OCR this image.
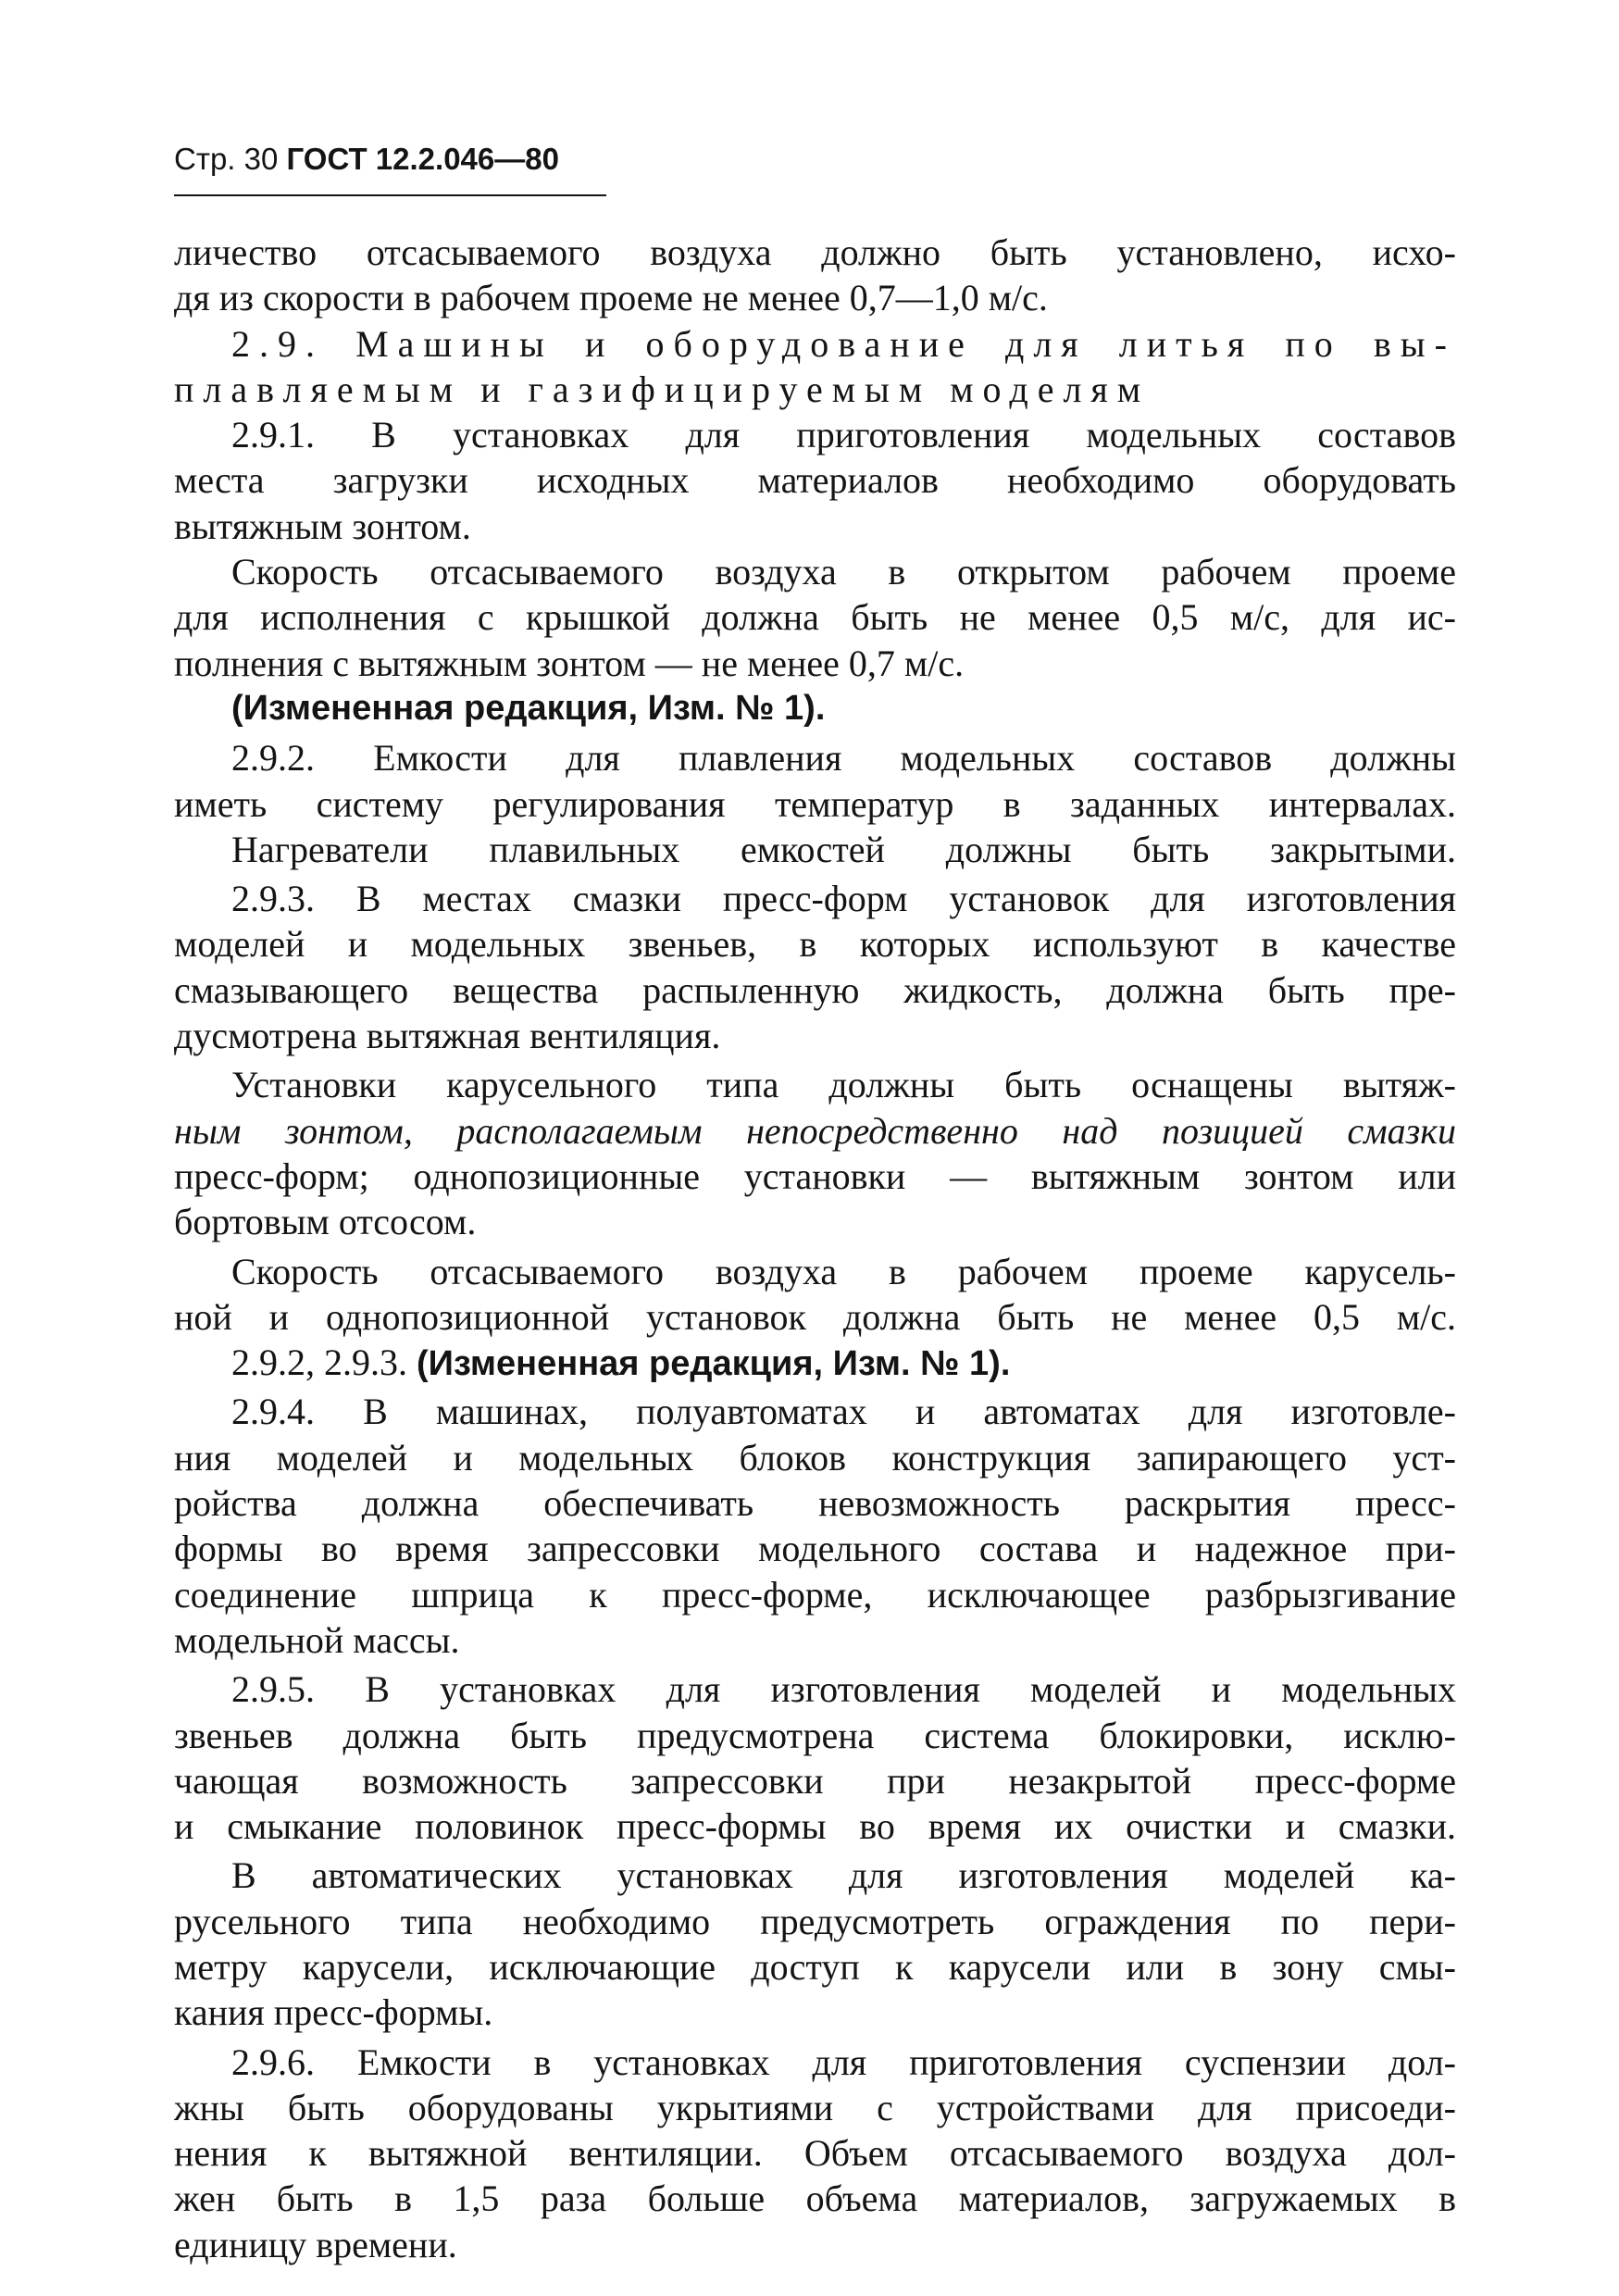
Стр. 30 ГОСТ 12.2.046—80
личество отсасываемого воздуха должно быть установлено, исхо-
дя из скорости в рабочем проеме не менее 0,7—1,0 м/с.
2.9. Машины и оборудование для литья по вы-
плавляемым и газифицируемым моделям
2.9.1. В установках для приготовления модельных составов
места загрузки исходных материалов необходимо оборудовать
вытяжным зонтом.
Скорость отсасываемого воздуха в открытом рабочем проеме
для исполнения с крышкой должна быть не менее 0,5 м/с, для ис-
полнения с вытяжным зонтом — не менее 0,7 м/с.
(Измененная редакция, Изм. № 1).
2.9.2. Емкости для плавления модельных составов должны
иметь систему регулирования температур в заданных интервалах.
Нагреватели плавильных емкостей должны быть закрытыми.
2.9.3. В местах смазки пресс-форм установок для изготовления
моделей и модельных звеньев, в которых используют в качестве
смазывающего вещества распыленную жидкость, должна быть пре-
дусмотрена вытяжная вентиляция.
Установки карусельного типа должны быть оснащены вытяж-
ным зонтом, располагаемым непосредственно над позицией смазки
пресс-форм; однопозиционные установки — вытяжным зонтом или
бортовым отсосом.
Скорость отсасываемого воздуха в рабочем проеме карусель-
ной и однопозиционной установок должна быть не менее 0,5 м/с.
2.9.2, 2.9.3. (Измененная редакция, Изм. № 1).
2.9.4. В машинах, полуавтоматах и автоматах для изготовле-
ния моделей и модельных блоков конструкция запирающего уст-
ройства должна обеспечивать невозможность раскрытия пресс-
формы во время запрессовки модельного состава и надежное при-
соединение шприца к пресс-форме, исключающее разбрызгивание
модельной массы.
2.9.5. В установках для изготовления моделей и модельных
звеньев должна быть предусмотрена система блокировки, исклю-
чающая возможность запрессовки при незакрытой пресс-форме
и смыкание половинок пресс-формы во время их очистки и смазки.
В автоматических установках для изготовления моделей ка-
русельного типа необходимо предусмотреть ограждения по пери-
метру карусели, исключающие доступ к карусели или в зону смы-
кания пресс-формы.
2.9.6. Емкости в установках для приготовления суспензии дол-
жны быть оборудованы укрытиями с устройствами для присоеди-
нения к вытяжной вентиляции. Объем отсасываемого воздуха дол-
жен быть в 1,5 раза больше объема материалов, загружаемых в
единицу времени.
